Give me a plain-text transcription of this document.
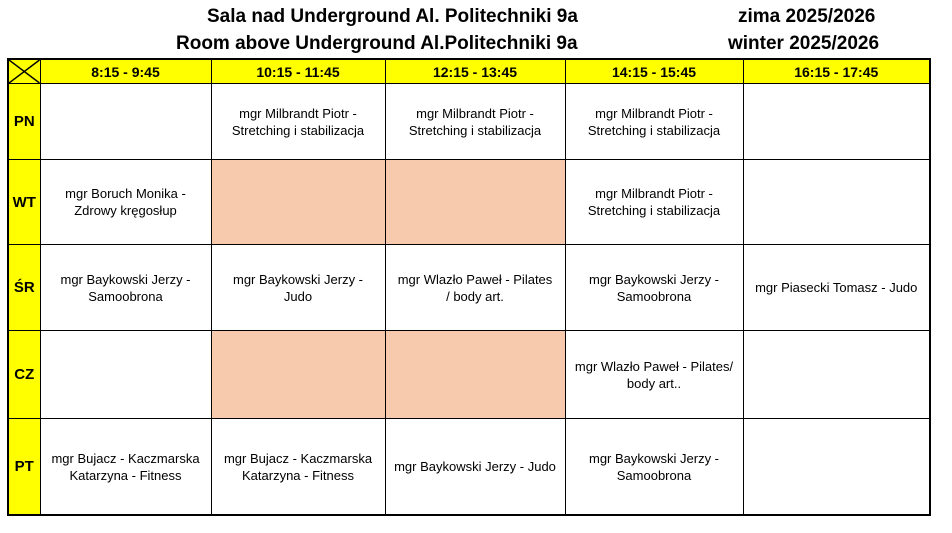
Sala nad Underground Al. Politechniki 9a
Room above Underground Al.Politechniki 9a
zima 2025/2026
winter 2025/2026
	8:15 - 9:45	10:15 - 11:45	12:15 - 13:45	14:15 - 15:45	16:15 - 17:45
PN		mgr Milbrandt Piotr -
Stretching i stabilizacja	mgr Milbrandt Piotr -
Stretching i stabilizacja	mgr Milbrandt Piotr -
Stretching i stabilizacja	

WT	mgr Boruch Monika -
Zdrowy kręgosłup			mgr Milbrandt Piotr -
Stretching i stabilizacja	

ŚR	mgr Baykowski Jerzy -
Samoobrona	mgr Baykowski Jerzy -
Judo	mgr Wlazło Paweł - Pilates
/ body art.	mgr Baykowski Jerzy -
Samoobrona	mgr Piasecki Tomasz - Judo

CZ				mgr Wlazło Paweł - Pilates/
body art..	

PT	mgr Bujacz - Kaczmarska
Katarzyna - Fitness	mgr Bujacz - Kaczmarska
Katarzyna - Fitness	mgr Baykowski Jerzy - Judo	mgr Baykowski Jerzy -
Samoobrona	
